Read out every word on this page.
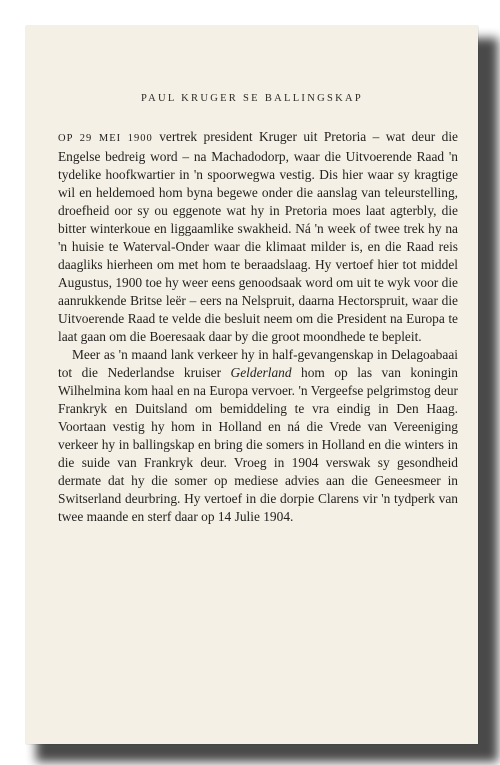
PAUL KRUGER SE BALLINGSKAP

OP 29 MEI 1900 vertrek president Kruger uit Pretoria – wat deur die Engelse bedreig word – na Machadodorp, waar die Uitvoerende Raad 'n tydelike hoofkwartier in 'n spoorwegwa vestig. Dis hier waar sy kragtige wil en heldemoed hom byna begewe onder die aanslag van teleurstelling, droefheid oor sy ou eggenote wat hy in Pretoria moes laat agterbly, die bitter winterkoue en liggaamlike swakheid. Ná 'n week of twee trek hy na 'n huisie te Waterval-Onder waar die klimaat milder is, en die Raad reis daagliks hierheen om met hom te beraadslaag. Hy vertoef hier tot middel Augustus, 1900 toe hy weer eens genoodsaak word om uit te wyk voor die aanrukkende Britse leër – eers na Nelspruit, daarna Hectorspruit, waar die Uitvoerende Raad te velde die besluit neem om die President na Europa te laat gaan om die Boeresaak daar by die groot moondhede te bepleit.

Meer as 'n maand lank verkeer hy in half-gevangenskap in Delagoabaai tot die Nederlandse kruiser Gelderland hom op las van koningin Wilhelmina kom haal en na Europa vervoer. 'n Vergeefse pelgrimstog deur Frankryk en Duitsland om bemiddeling te vra eindig in Den Haag. Voortaan vestig hy hom in Holland en ná die Vrede van Vereeniging verkeer hy in ballingskap en bring die somers in Holland en die winters in die suide van Frankryk deur. Vroeg in 1904 verswak sy gesondheid dermate dat hy die somer op mediese advies aan die Geneesmeer in Switserland deurbring. Hy vertoef in die dorpie Clarens vir 'n tydperk van twee maande en sterf daar op 14 Julie 1904.
